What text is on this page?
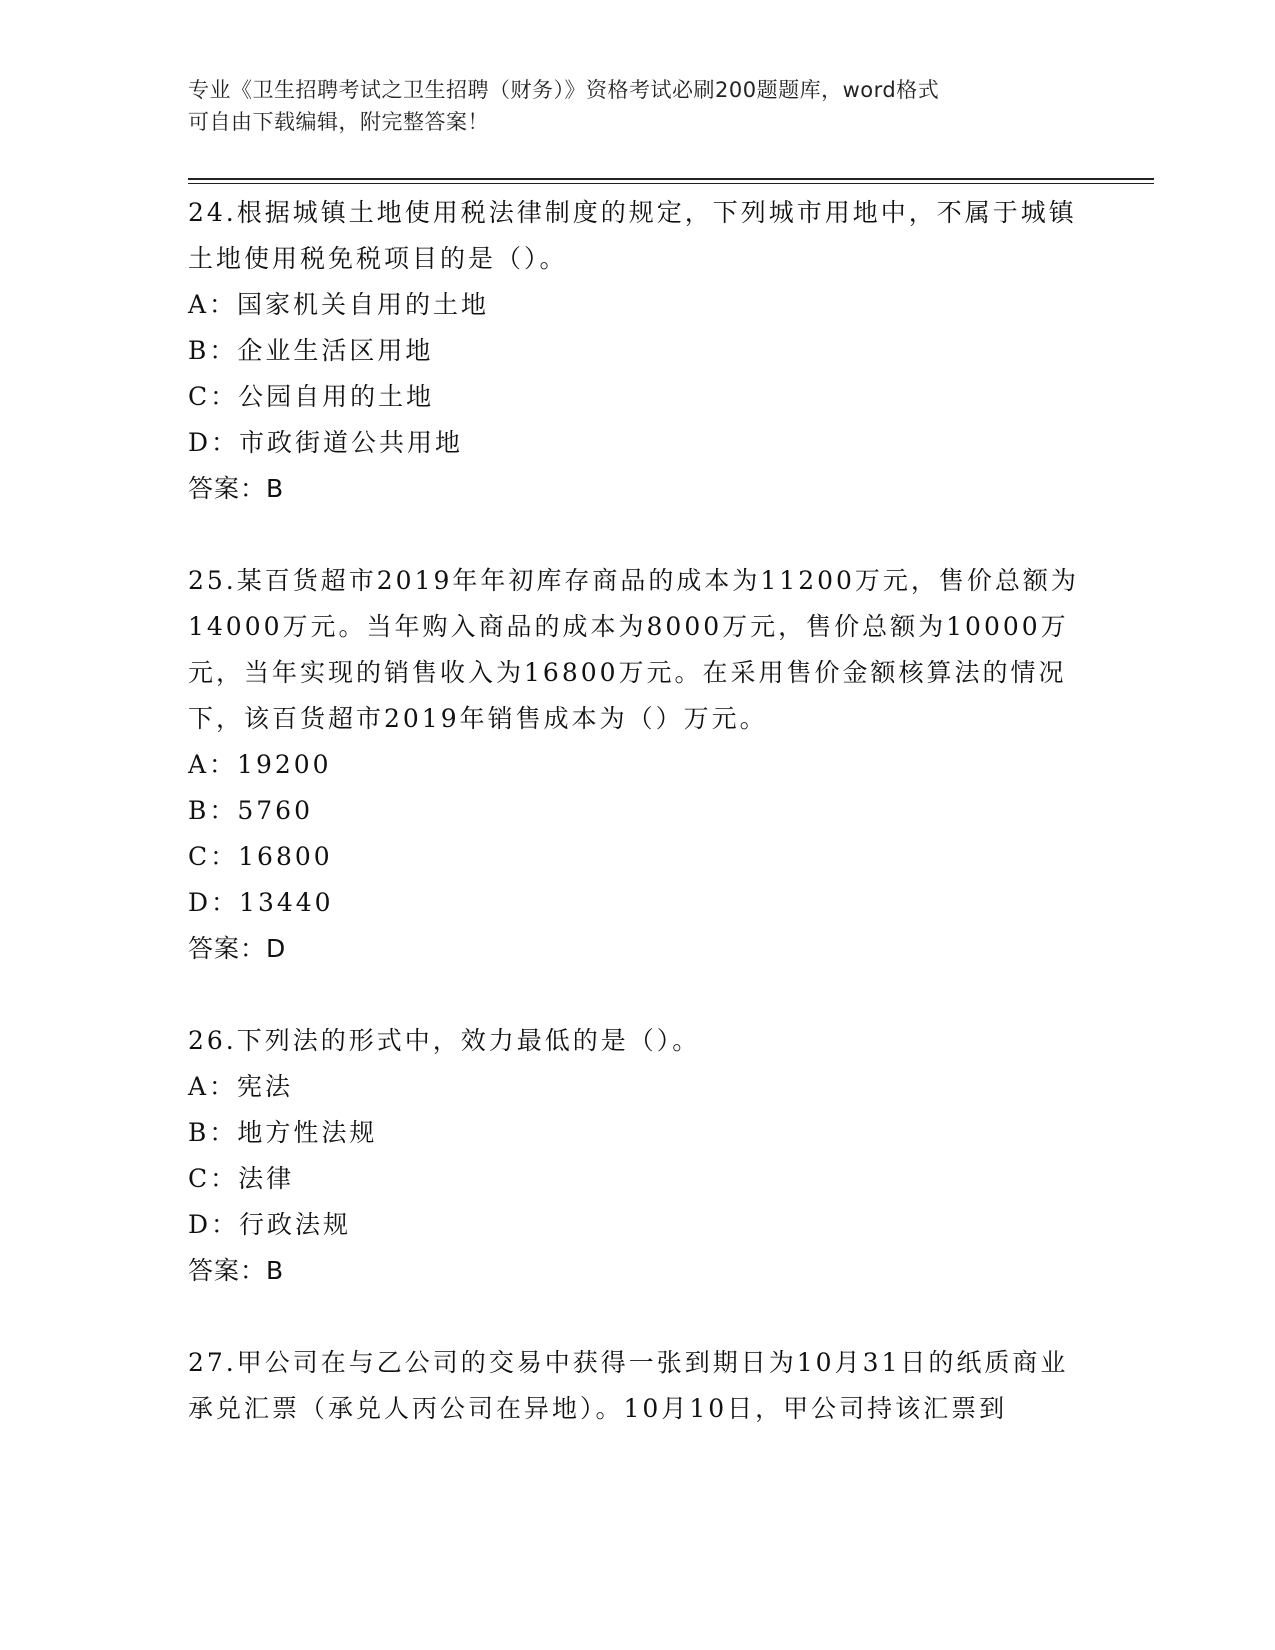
专业《卫生招聘考试之卫生招聘（财务）》资格考试必刷200题题库，word格式
可自由下载编辑，附完整答案！

24.根据城镇土地使用税法律制度的规定，下列城市用地中，不属于城镇土地使用税免税项目的是（）。

A：国家机关自用的土地

B：企业生活区用地

C：公园自用的土地

D：市政街道公共用地

答案：B

25.某百货超市2019年年初库存商品的成本为11200万元，售价总额为14000万元。当年购入商品的成本为8000万元，售价总额为10000万元，当年实现的销售收入为16800万元。在采用售价金额核算法的情况下，该百货超市2019年销售成本为（）万元。

A：19200

B：5760

C：16800

D：13440

答案：D

26.下列法的形式中，效力最低的是（）。

A：宪法

B：地方性法规

C：法律

D：行政法规

答案：B

27.甲公司在与乙公司的交易中获得一张到期日为10月31日的纸质商业承兑汇票（承兑人丙公司在异地）。10月10日，甲公司持该汇票到
